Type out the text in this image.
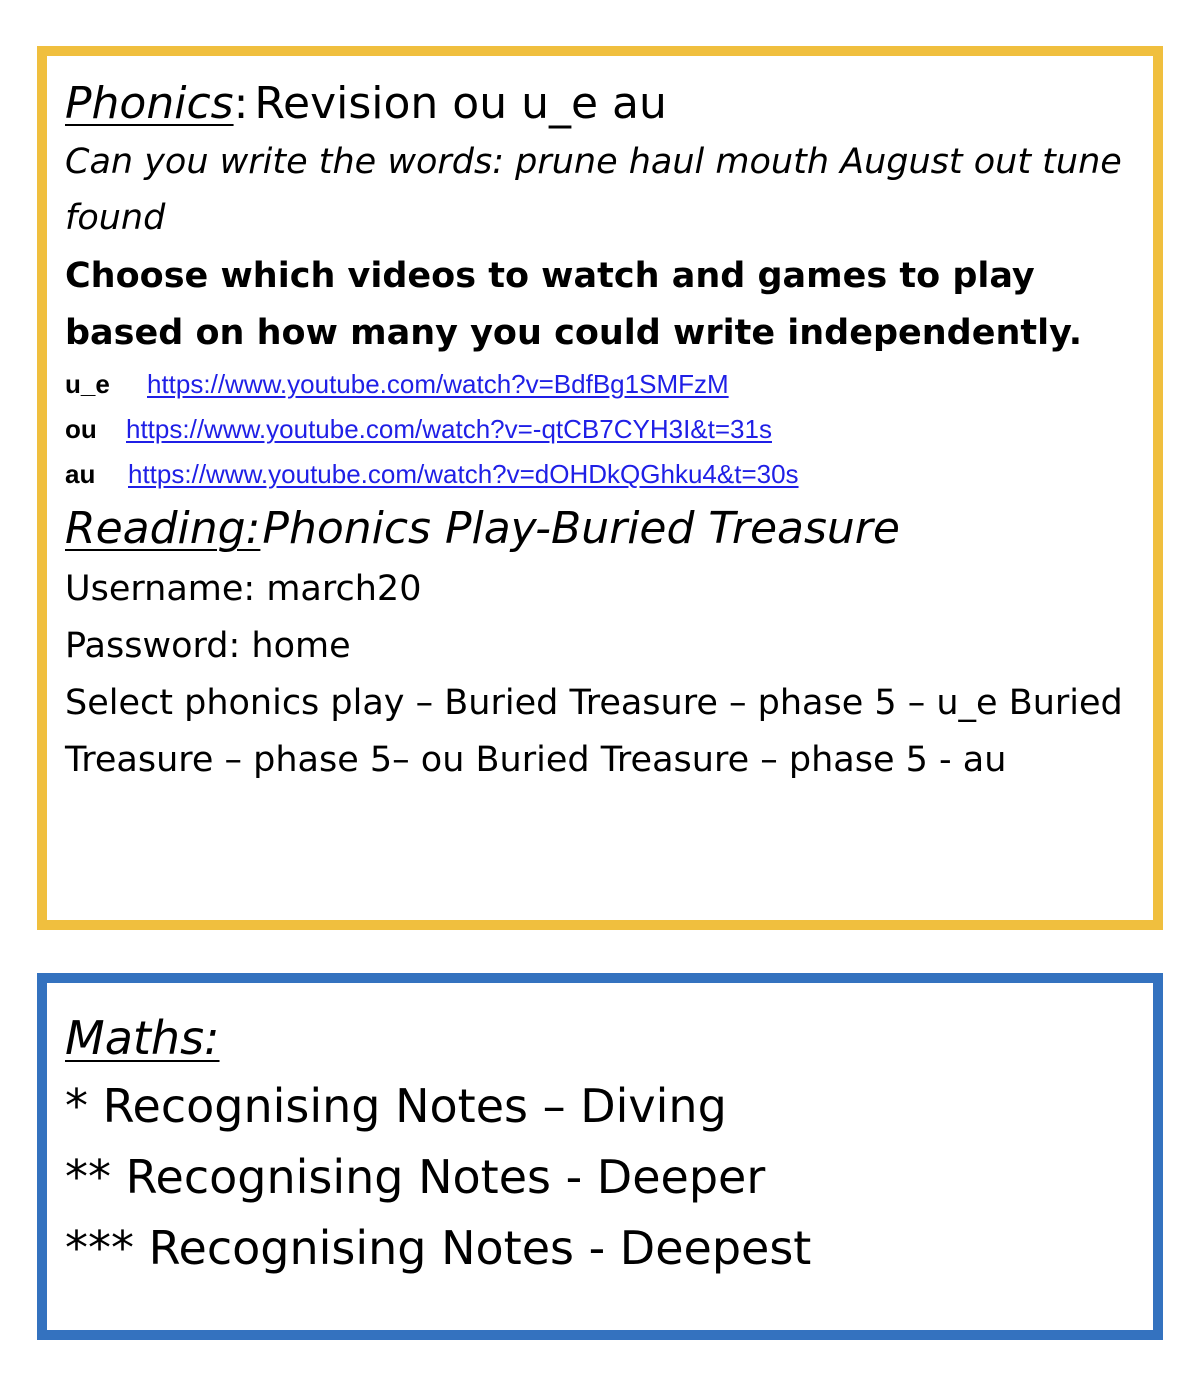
Phonics: Revision ou u_e au
Can you write the words: prune haul mouth August out tune found
Choose which videos to watch and games to play based on how many you could write independently.
u_e https://www.youtube.com/watch?v=BdfBg1SMFzM
ou https://www.youtube.com/watch?v=-qtCB7CYH3I&t=31s
au https://www.youtube.com/watch?v=dOHDkQGhku4&t=30s
Reading:Phonics Play-Buried Treasure
Username: march20
Password: home
Select phonics play – Buried Treasure – phase 5 – u_e Buried Treasure – phase 5– ou Buried Treasure – phase 5 - au
Maths:
* Recognising Notes – Diving
** Recognising Notes - Deeper
*** Recognising Notes - Deepest
